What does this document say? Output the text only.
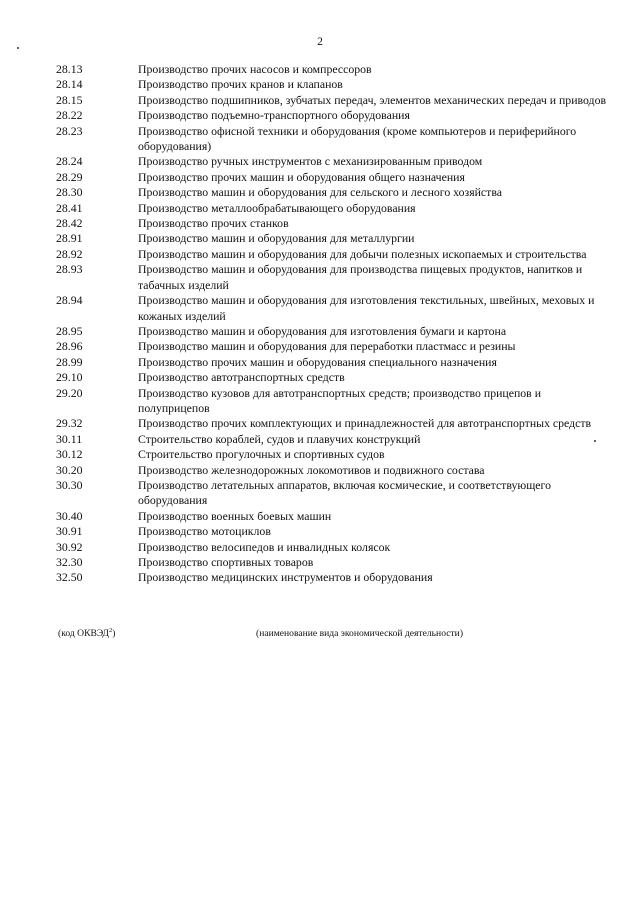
2
28.13	Производство прочих насосов и компрессоров
28.14	Производство прочих кранов и клапанов
28.15	Производство подшипников, зубчатых передач, элементов механических передач и приводов
28.22	Производство подъемно-транспортного оборудования
28.23	Производство офисной техники и оборудования (кроме компьютеров и периферийного оборудования)
28.24	Производство ручных инструментов с механизированным приводом
28.29	Производство прочих машин и оборудования общего назначения
28.30	Производство машин и оборудования для сельского и лесного хозяйства
28.41	Производство металлообрабатывающего оборудования
28.42	Производство прочих станков
28.91	Производство машин и оборудования для металлургии
28.92	Производство машин и оборудования для добычи полезных ископаемых и строительства
28.93	Производство машин и оборудования для производства пищевых продуктов, напитков и табачных изделий
28.94	Производство машин и оборудования для изготовления текстильных, швейных, меховых и кожаных изделий
28.95	Производство машин и оборудования для изготовления бумаги и картона
28.96	Производство машин и оборудования для переработки пластмасс и резины
28.99	Производство прочих машин и оборудования специального назначения
29.10	Производство автотранспортных средств
29.20	Производство кузовов для автотранспортных средств; производство прицепов и полуприцепов
29.32	Производство прочих комплектующих и принадлежностей для автотранспортных средств
30.11	Строительство кораблей, судов и плавучих конструкций
30.12	Строительство прогулочных и спортивных судов
30.20	Производство железнодорожных локомотивов и подвижного состава
30.30	Производство летательных аппаратов, включая космические, и соответствующего оборудования
30.40	Производство военных боевых машин
30.91	Производство мотоциклов
30.92	Производство велосипедов и инвалидных колясок
32.30	Производство спортивных товаров
32.50	Производство медицинских инструментов и оборудования
(код ОКВЭД$^2$)	(наименование вида экономической деятельности)
